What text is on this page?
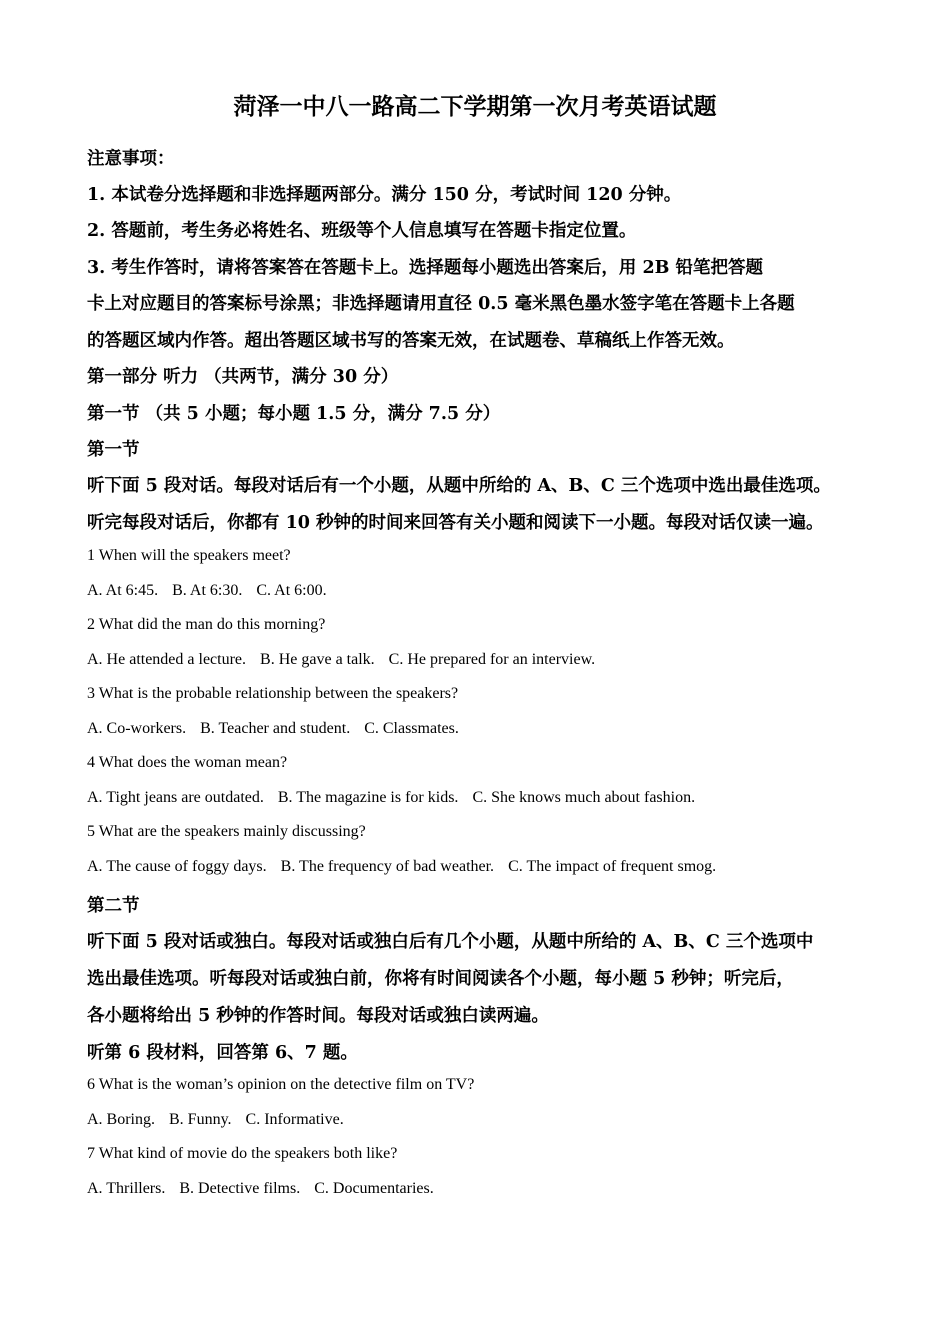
菏泽一中八一路高二下学期第一次月考英语试题
注意事项：
1. 本试卷分选择题和非选择题两部分。满分 150 分，考试时间 120 分钟。
2. 答题前，考生务必将姓名、班级等个人信息填写在答题卡指定位置。
3. 考生作答时，请将答案答在答题卡上。选择题每小题选出答案后，用 2B 铅笔把答题
卡上对应题目的答案标号涂黑；非选择题请用直径 0.5 毫米黑色墨水签字笔在答题卡上各题
的答题区域内作答。超出答题区域书写的答案无效，在试题卷、草稿纸上作答无效。
第一部分 听力 （共两节，满分 30 分）
第一节 （共 5 小题；每小题 1.5 分，满分 7.5 分）
第一节
听下面 5 段对话。每段对话后有一个小题，从题中所给的 A、B、C 三个选项中选出最佳选项。
听完每段对话后，你都有 10 秒钟的时间来回答有关小题和阅读下一小题。每段对话仅读一遍。
1 When will the speakers meet?
A. At 6:45. B. At 6:30. C. At 6:00.
2 What did the man do this morning?
A. He attended a lecture. B. He gave a talk. C. He prepared for an interview.
3 What is the probable relationship between the speakers?
A. Co-workers. B. Teacher and student. C. Classmates.
4 What does the woman mean?
A. Tight jeans are outdated. B. The magazine is for kids. C. She knows much about fashion.
5 What are the speakers mainly discussing?
A. The cause of foggy days. B. The frequency of bad weather. C. The impact of frequent smog.
第二节
听下面 5 段对话或独白。每段对话或独白后有几个小题，从题中所给的 A、B、C 三个选项中
选出最佳选项。听每段对话或独白前，你将有时间阅读各个小题，每小题 5 秒钟；听完后，
各小题将给出 5 秒钟的作答时间。每段对话或独白读两遍。
听第 6 段材料，回答第 6、7 题。
6 What is the woman’s opinion on the detective film on TV?
A. Boring. B. Funny. C. Informative.
7 What kind of movie do the speakers both like?
A. Thrillers. B. Detective films. C. Documentaries.
